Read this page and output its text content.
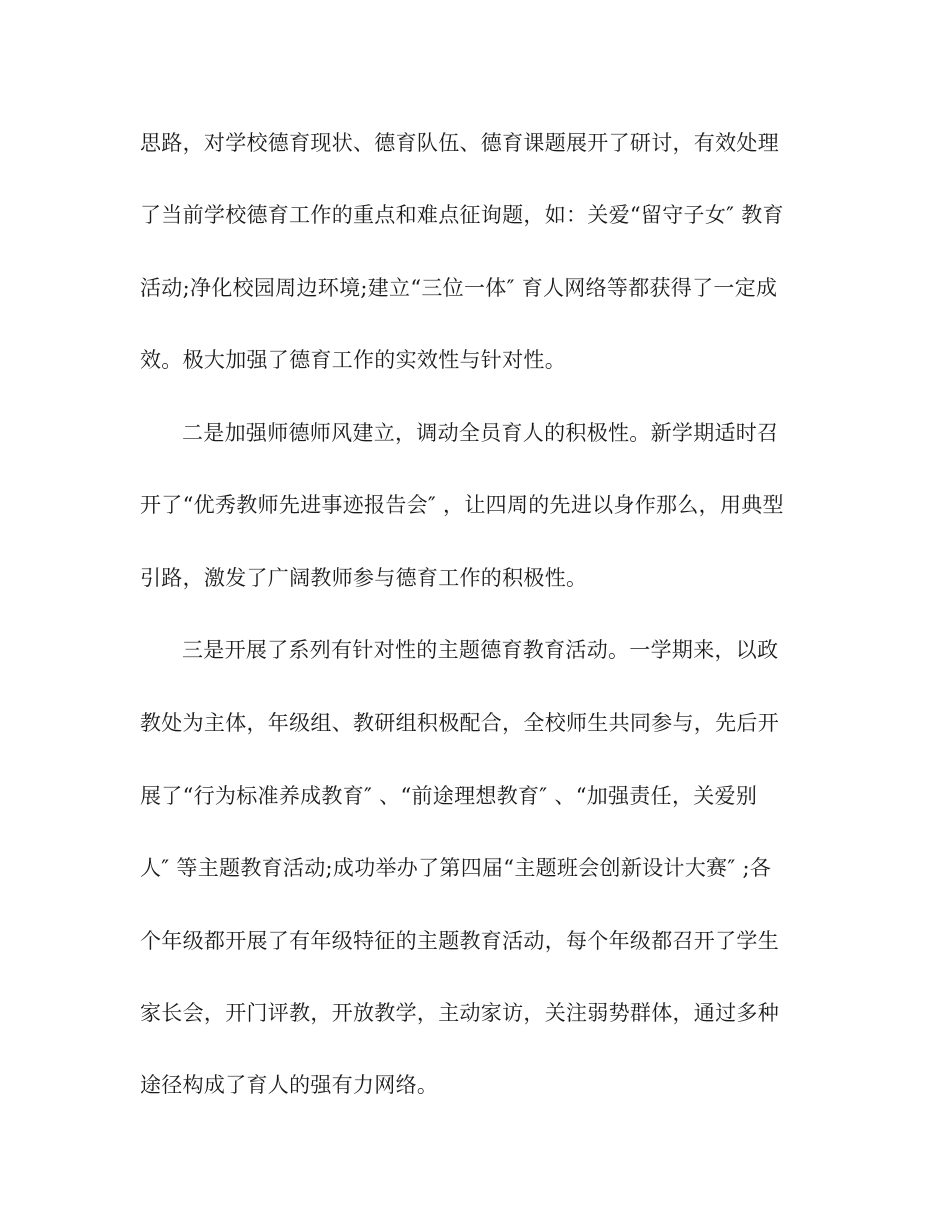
思路，对学校德育现状、德育队伍、德育课题展开了研讨，有效处理
了当前学校德育工作的重点和难点征询题，如：关爱“留守子女″ 教育
活动;净化校园周边环境;建立“三位一体″ 育人网络等都获得了一定成
效。极大加强了德育工作的实效性与针对性。
二是加强师德师风建立，调动全员育人的积极性。新学期适时召
开了“优秀教师先进事迹报告会″ ，让四周的先进以身作那么，用典型
引路，激发了广阔教师参与德育工作的积极性。
三是开展了系列有针对性的主题德育教育活动。一学期来，以政
教处为主体，年级组、教研组积极配合，全校师生共同参与，先后开
展了“行为标准养成教育″ 、“前途理想教育″ 、“加强责任，关爱别
人″ 等主题教育活动;成功举办了第四届“主题班会创新设计大赛″ ;各
个年级都开展了有年级特征的主题教育活动，每个年级都召开了学生
家长会，开门评教，开放教学，主动家访，关注弱势群体，通过多种
途径构成了育人的强有力网络。
